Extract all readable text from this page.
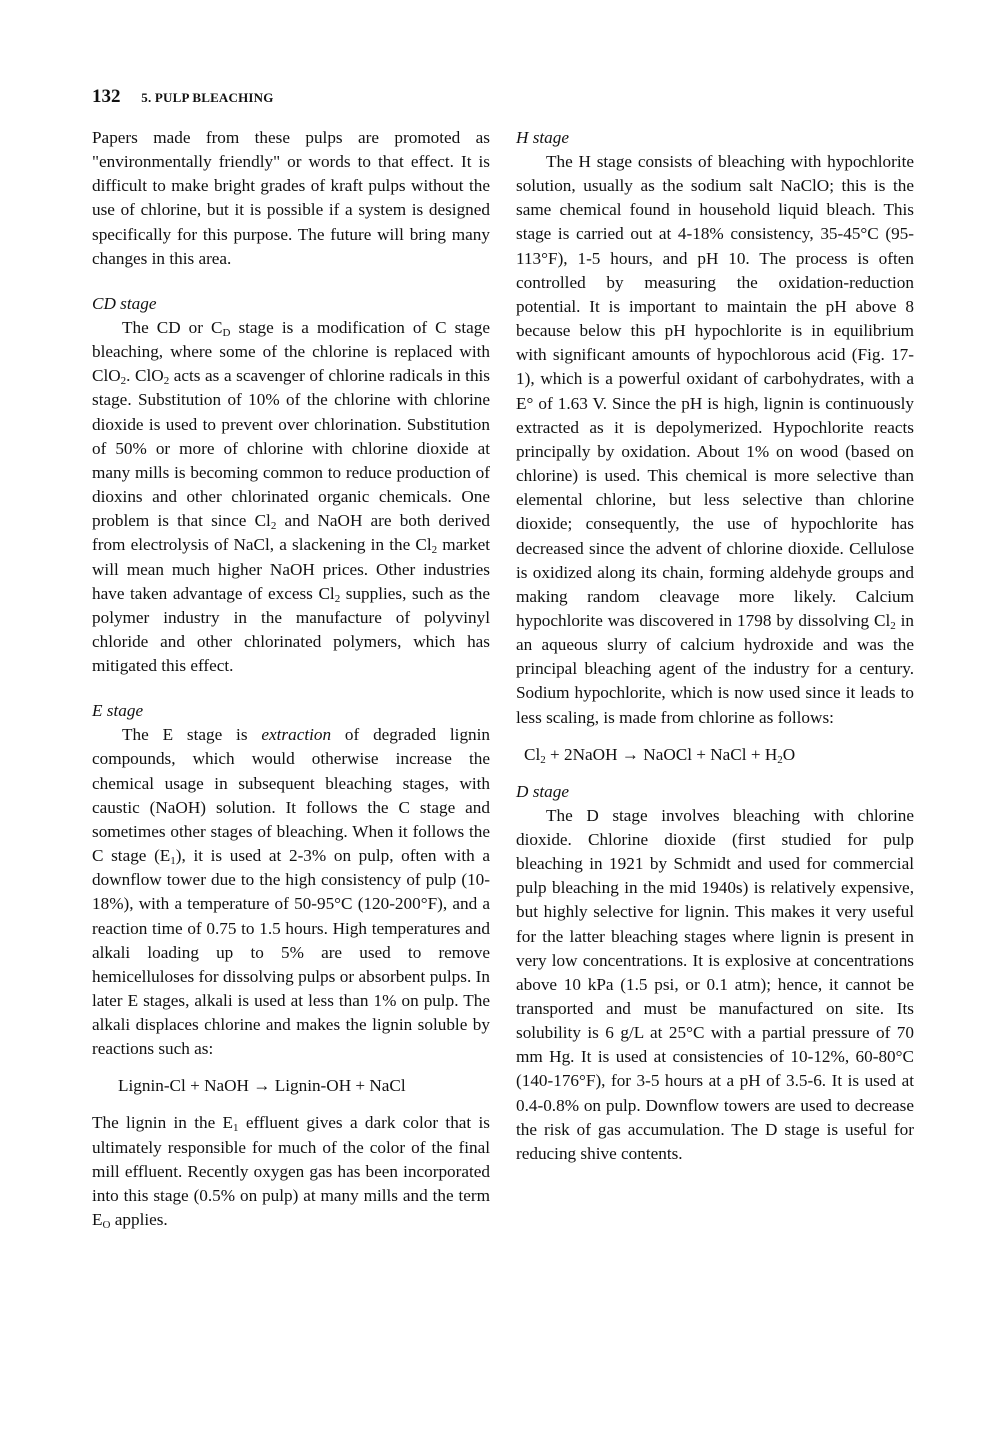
132 5. PULP BLEACHING

Papers made from these pulps are promoted as "environmentally friendly" or words to that effect. It is difficult to make bright grades of kraft pulps without the use of chlorine, but it is possible if a system is designed specifically for this purpose. The future will bring many changes in this area.

CD stage

The CD or $C_D$ stage is a modification of C stage bleaching, where some of the chlorine is replaced with ClO$_2$. ClO$_2$ acts as a scavenger of chlorine radicals in this stage. Substitution of 10% of the chlorine with chlorine dioxide is used to prevent over chlorination. Substitution of 50% or more of chlorine with chlorine dioxide at many mills is becoming common to reduce production of dioxins and other chlorinated organic chemicals. One problem is that since $Cl_2$ and NaOH are both derived from electrolysis of NaCl, a slackening in the $Cl_2$ market will mean much higher NaOH prices. Other industries have taken advantage of excess $Cl_2$ supplies, such as the polymer industry in the manufacture of polyvinyl chloride and other chlorinated polymers, which has mitigated this effect.

E stage

The E stage is extraction of degraded lignin compounds, which would otherwise increase the chemical usage in subsequent bleaching stages, with caustic (NaOH) solution. It follows the C stage and sometimes other stages of bleaching. When it follows the C stage $(E_1)$, it is used at 2-3% on pulp, often with a downflow tower due to the high consistency of pulp (10-18%), with a temperature of 50-95°C (120-200°F), and a reaction time of 0.75 to 1.5 hours. High temperatures and alkali loading up to 5% are used to remove hemicelluloses for dissolving pulps or absorbent pulps. In later E stages, alkali is used at less than 1% on pulp. The alkali displaces chlorine and makes the lignin soluble by reactions such as:

Lignin-Cl + NaOH → Lignin-OH + NaCl

The lignin in the $E_1$ effluent gives a dark color that is ultimately responsible for much of the color of the final mill effluent. Recently oxygen gas has been incorporated into this stage (0.5% on pulp) at many mills and the term $E_O$ applies.

H stage

The H stage consists of bleaching with hypochlorite solution, usually as the sodium salt NaClO; this is the same chemical found in household liquid bleach. This stage is carried out at 4-18% consistency, 35-45°C (95-113°F), 1-5 hours, and pH 10. The process is often controlled by measuring the oxidation-reduction potential. It is important to maintain the pH above 8 because below this pH hypochlorite is in equilibrium with significant amounts of hypochlorous acid (Fig. 17-1), which is a powerful oxidant of carbohydrates, with a E° of 1.63 V. Since the pH is high, lignin is continuously extracted as it is depolymerized. Hypochlorite reacts principally by oxidation. About 1% on wood (based on chlorine) is used. This chemical is more selective than elemental chlorine, but less selective than chlorine dioxide; consequently, the use of hypochlorite has decreased since the advent of chlorine dioxide. Cellulose is oxidized along its chain, forming aldehyde groups and making random cleavage more likely. Calcium hypochlorite was discovered in 1798 by dissolving $Cl_2$ in an aqueous slurry of calcium hydroxide and was the principal bleaching agent of the industry for a century. Sodium hypochlorite, which is now used since it leads to less scaling, is made from chlorine as follows:

$Cl_2$ + 2NaOH → NaOCl + NaCl + $H_2O$

D stage

The D stage involves bleaching with chlorine dioxide. Chlorine dioxide (first studied for pulp bleaching in 1921 by Schmidt and used for commercial pulp bleaching in the mid 1940s) is relatively expensive, but highly selective for lignin. This makes it very useful for the latter bleaching stages where lignin is present in very low concentrations. It is explosive at concentrations above 10 kPa (1.5 psi, or 0.1 atm); hence, it cannot be transported and must be manufactured on site. Its solubility is 6 g/L at 25°C with a partial pressure of 70 mm Hg. It is used at consistencies of 10-12%, 60-80°C (140-176°F), for 3-5 hours at a pH of 3.5-6. It is used at 0.4-0.8% on pulp. Downflow towers are used to decrease the risk of gas accumulation. The D stage is useful for reducing shive contents.
